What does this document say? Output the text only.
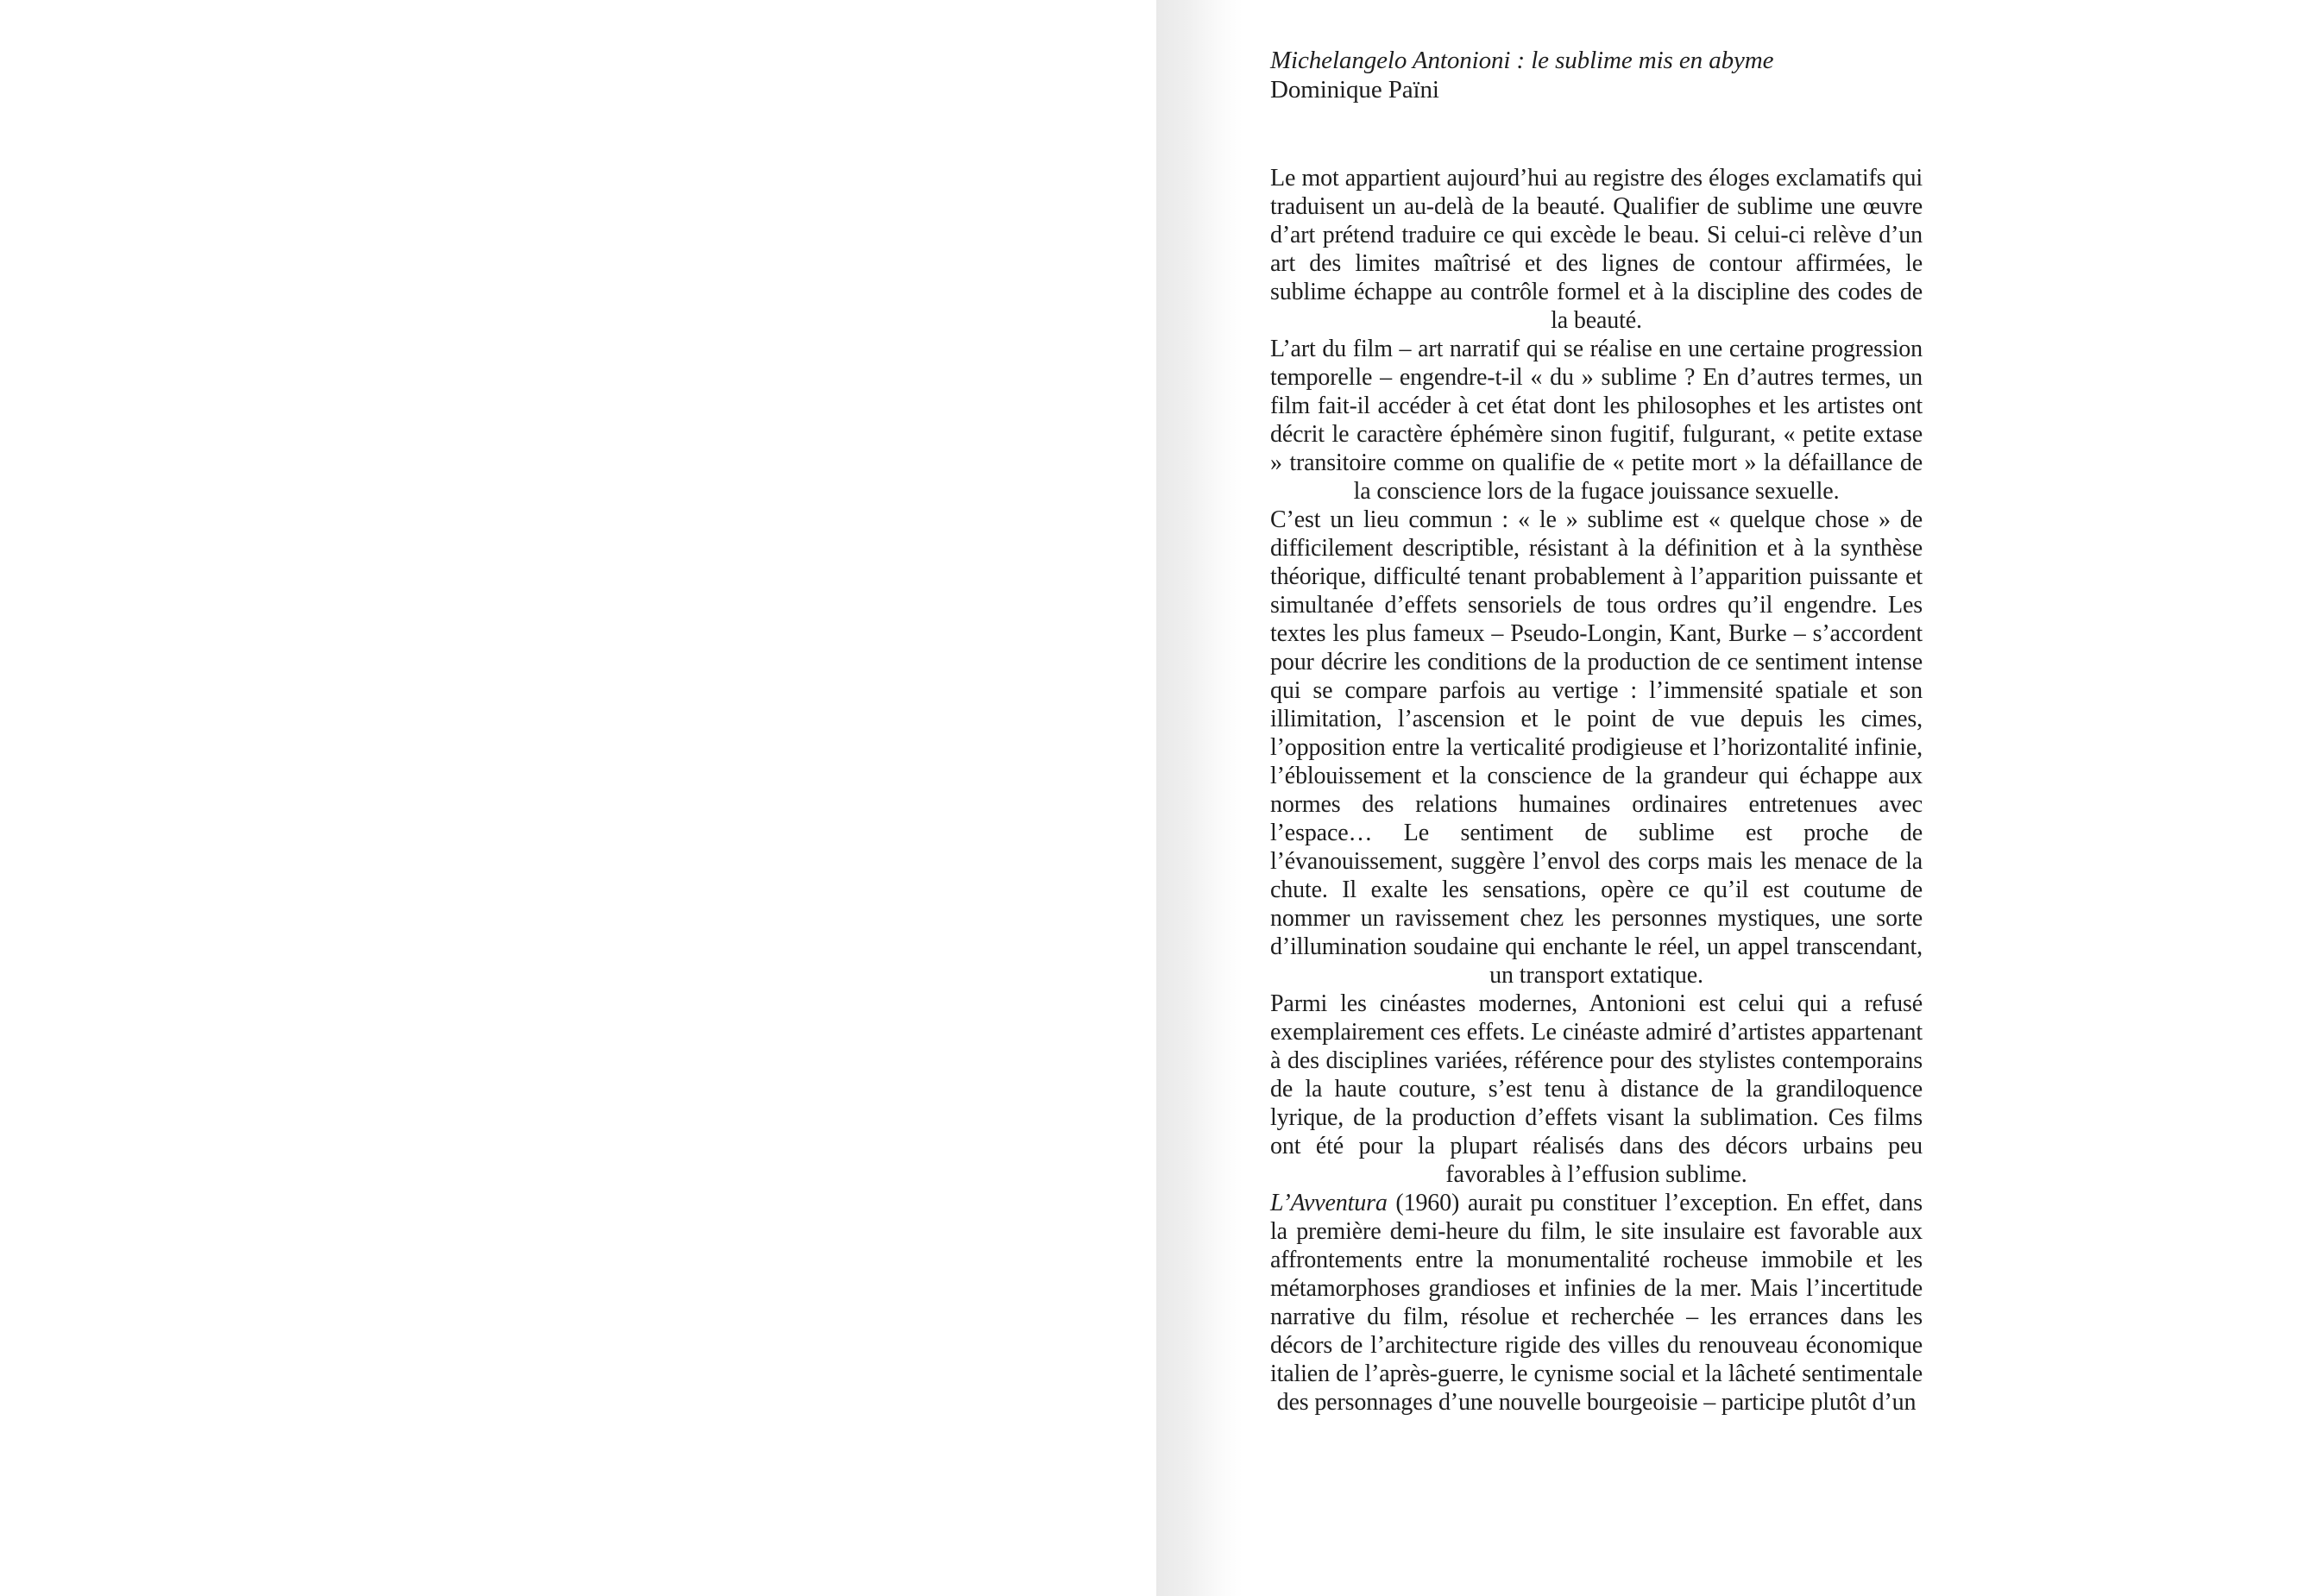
Michelangelo Antonioni : le sublime mis en abyme
Dominique Païni

Le mot appartient aujourd’hui au registre des éloges exclamatifs qui traduisent un au-delà de la beauté. Qualifier de sublime une œuvre d’art prétend traduire ce qui excède le beau. Si celui-ci relève d’un art des limites maîtrisé et des lignes de contour affirmées, le sublime échappe au contrôle formel et à la discipline des codes de la beauté.

L’art du film – art narratif qui se réalise en une certaine progression temporelle – engendre-t-il « du » sublime ? En d’autres termes, un film fait-il accéder à cet état dont les philosophes et les artistes ont décrit le caractère éphémère sinon fugitif, fulgurant, « petite extase » transitoire comme on qualifie de « petite mort » la défaillance de la conscience lors de la fugace jouissance sexuelle.

C’est un lieu commun : « le » sublime est « quelque chose » de difficilement descriptible, résistant à la définition et à la synthèse théorique, difficulté tenant probablement à l’apparition puissante et simultanée d’effets sensoriels de tous ordres qu’il engendre. Les textes les plus fameux – Pseudo-Longin, Kant, Burke – s’accordent pour décrire les conditions de la production de ce sentiment intense qui se compare parfois au vertige : l’immensité spatiale et son illimitation, l’ascension et le point de vue depuis les cimes, l’opposition entre la verticalité prodigieuse et l’horizontalité infinie, l’éblouissement et la conscience de la grandeur qui échappe aux normes des relations humaines ordinaires entretenues avec l’espace… Le sentiment de sublime est proche de l’évanouissement, suggère l’envol des corps mais les menace de la chute. Il exalte les sensations, opère ce qu’il est coutume de nommer un ravissement chez les personnes mystiques, une sorte d’illumination soudaine qui enchante le réel, un appel transcendant, un transport extatique.

Parmi les cinéastes modernes, Antonioni est celui qui a refusé exemplairement ces effets. Le cinéaste admiré d’artistes appartenant à des disciplines variées, référence pour des stylistes contemporains de la haute couture, s’est tenu à distance de la grandiloquence lyrique, de la production d’effets visant la sublimation. Ces films ont été pour la plupart réalisés dans des décors urbains peu favorables à l’effusion sublime.

L’Avventura (1960) aurait pu constituer l’exception. En effet, dans la première demi-heure du film, le site insulaire est favorable aux affrontements entre la monumentalité rocheuse immobile et les métamorphoses grandioses et infinies de la mer. Mais l’incertitude narrative du film, résolue et recherchée – les errances dans les décors de l’architecture rigide des villes du renouveau économique italien de l’après-guerre, le cynisme social et la lâcheté sentimentale des personnages d’une nouvelle bourgeoisie – participe plutôt d’un
